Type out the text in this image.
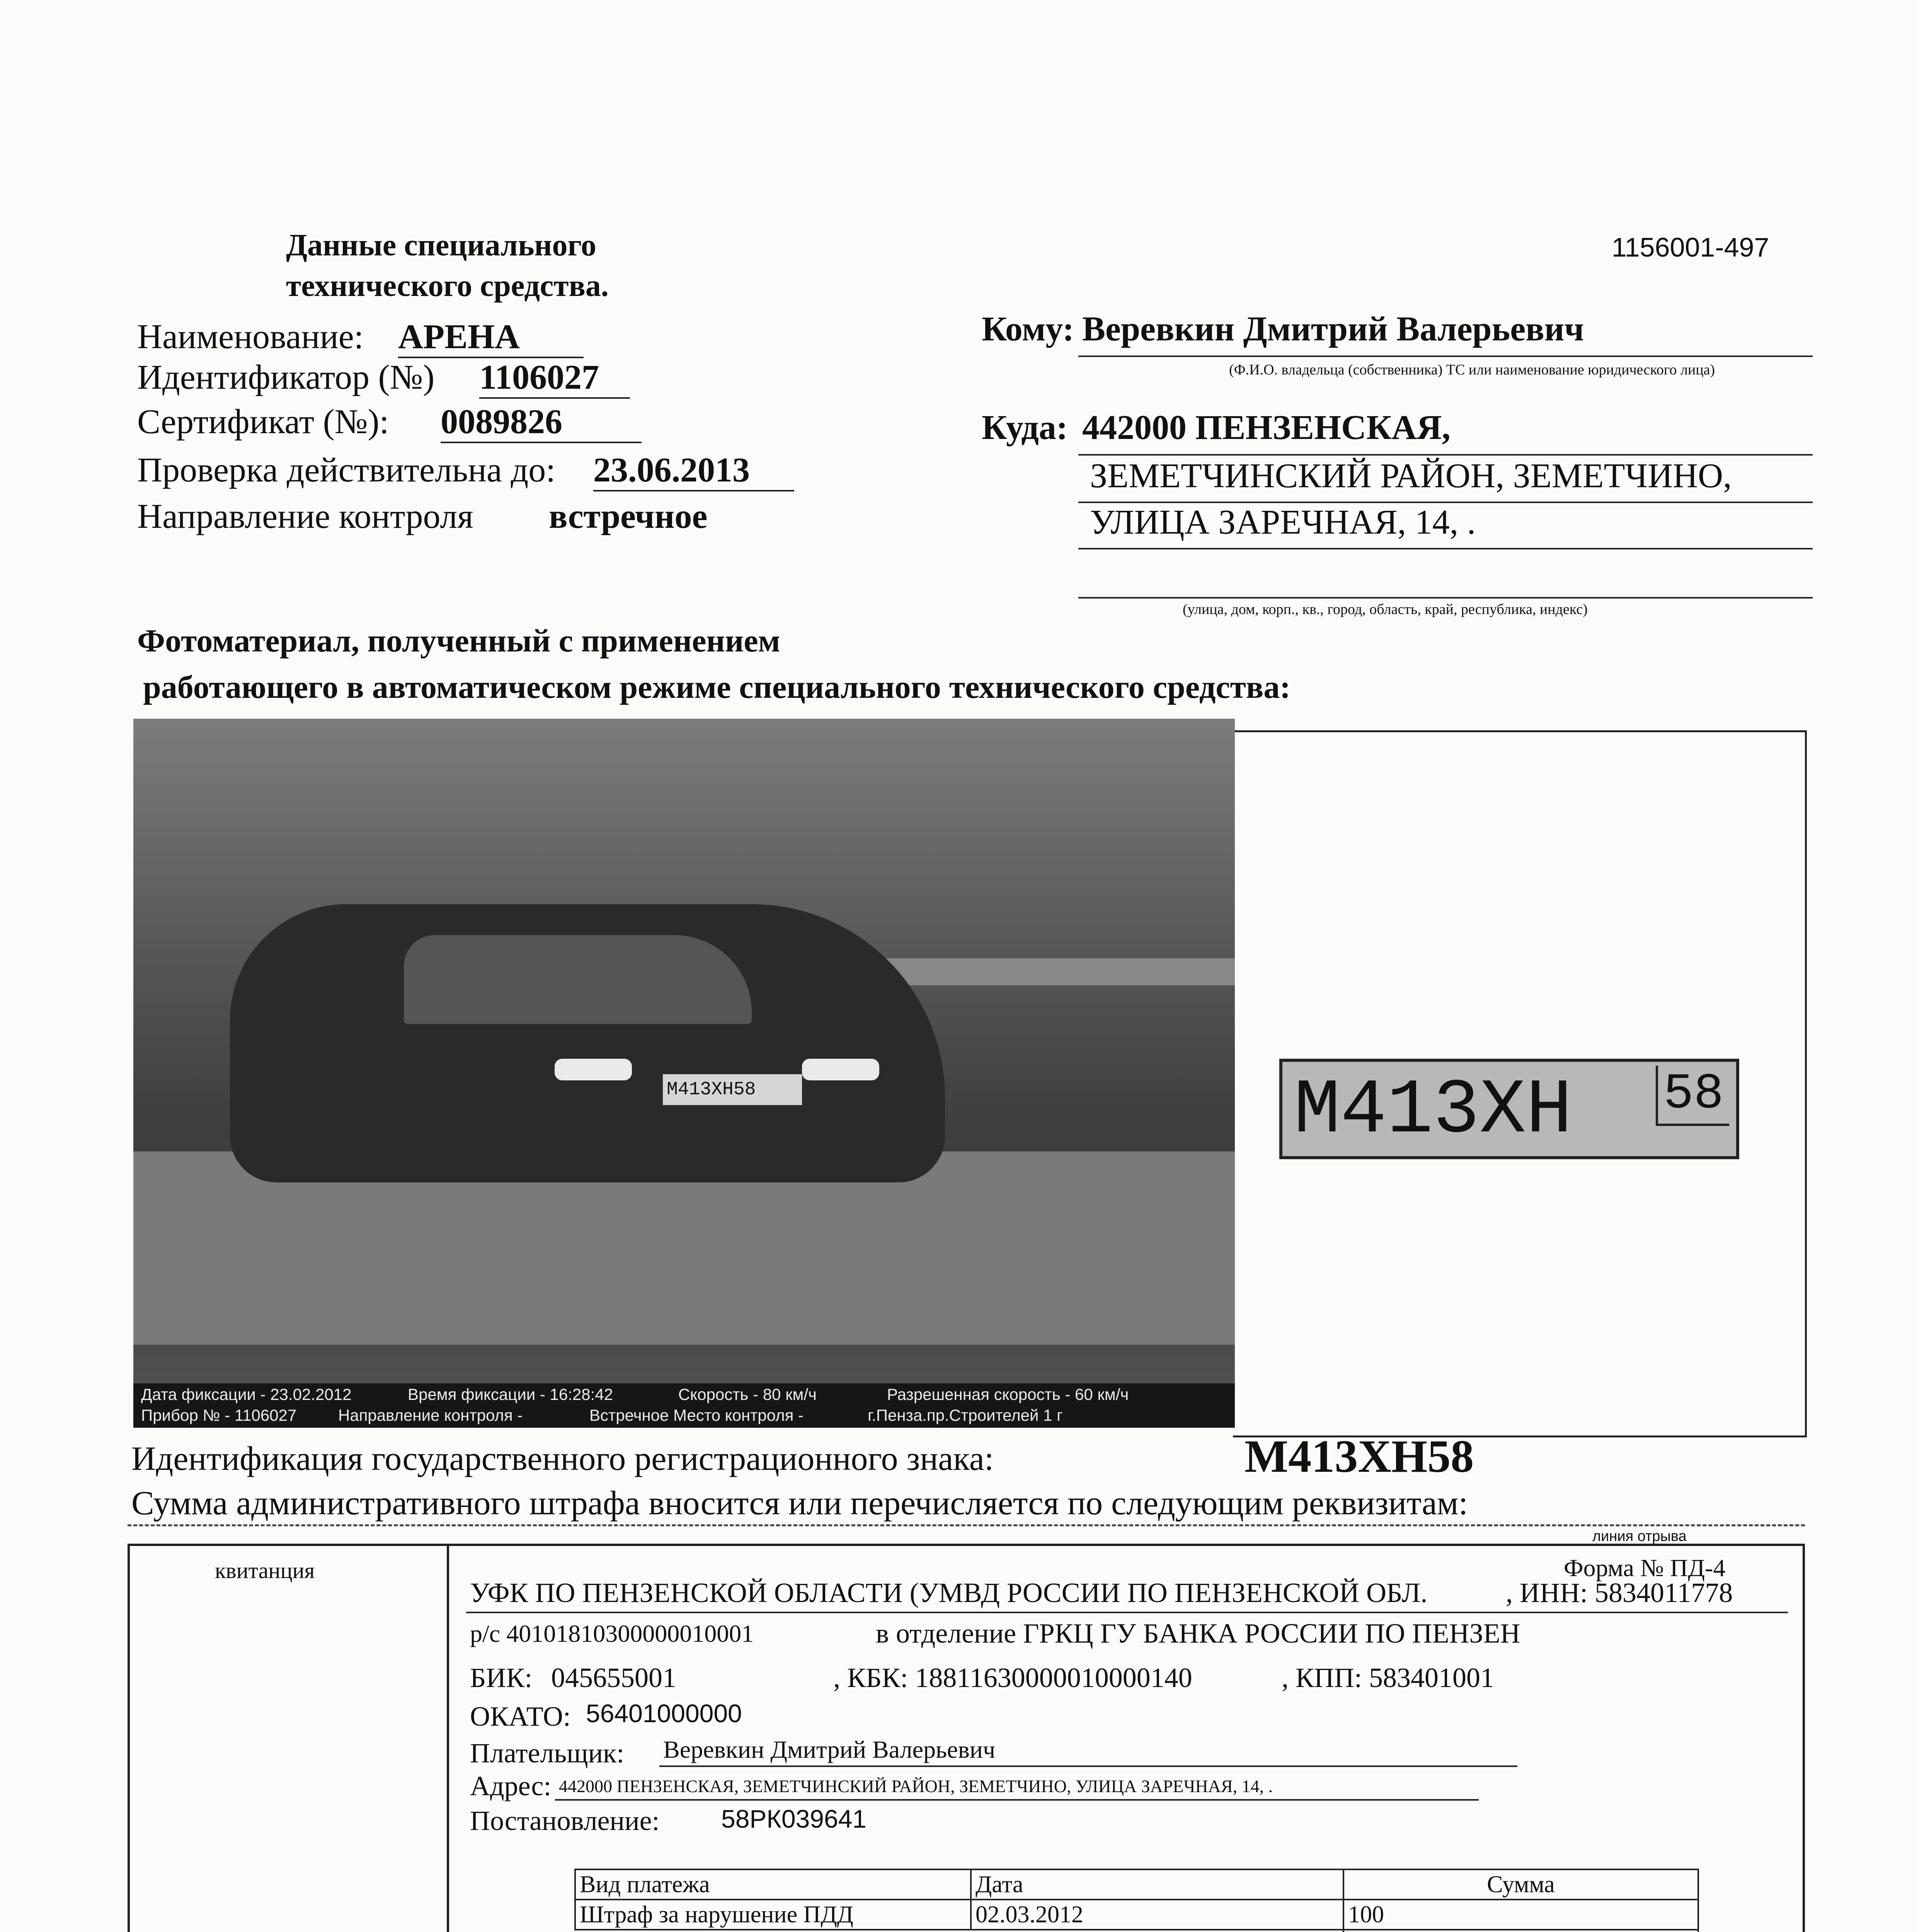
Данные специального
технического средства.
1156001-497
Наименование: АРЕНА
Идентификатор (№) 1106027
Сертификат (№): 0089826
Проверка действительна до: 23.06.2013
Направление контроля встречное
Кому: Веревкин Дмитрий Валерьевич
(Ф.И.О. владельца (собственника) ТС или наименование юридического лица)
Куда: 442000 ПЕНЗЕНСКАЯ,
ЗЕМЕТЧИНСКИЙ РАЙОН, ЗЕМЕТЧИНО,
УЛИЦА ЗАРЕЧНАЯ, 14, .
(улица, дом, корп., кв., город, область, край, республика, индекс)
Фотоматериал, полученный с применением
работающего в автоматическом режиме специального технического средства:
М413ХН58
Дата фиксации - 23.02.2012	Время фиксации - 16:28:42	Скорость - 80 км/ч	Разрешенная скорость - 60 км/ч
Прибор № - 1106027	Направление контроля -	Встречное Место контроля -	г.Пенза.пр.Строителей 1 г
М413ХН 58
Идентификация государственного регистрационного знака:	М413ХН58
Сумма административного штрафа вносится или перечисляется по следующим реквизитам:
линия отрыва
квитанция	Форма № ПД-4
УФК ПО ПЕНЗЕНСКОЙ ОБЛАСТИ (УМВД РОССИИ ПО ПЕНЗЕНСКОЙ ОБЛ.	, ИНН: 5834011778
р/с 40101810300000010001	в отделение ГРКЦ ГУ БАНКА РОССИИ ПО ПЕНЗЕН
БИК: 045655001	, КБК: 18811630000010000140	, КПП: 583401001
ОКАТО: 56401000000
Плательщик: Веревкин Дмитрий Валерьевич
Адрес: 442000 ПЕНЗЕНСКАЯ, ЗЕМЕТЧИНСКИЙ РАЙОН, ЗЕМЕТЧИНО, УЛИЦА ЗАРЕЧНАЯ, 14, .
Постановление: 58РК039641
Вид платежа	Дата	Сумма
Штраф за нарушение ПДД	02.03.2012	100
